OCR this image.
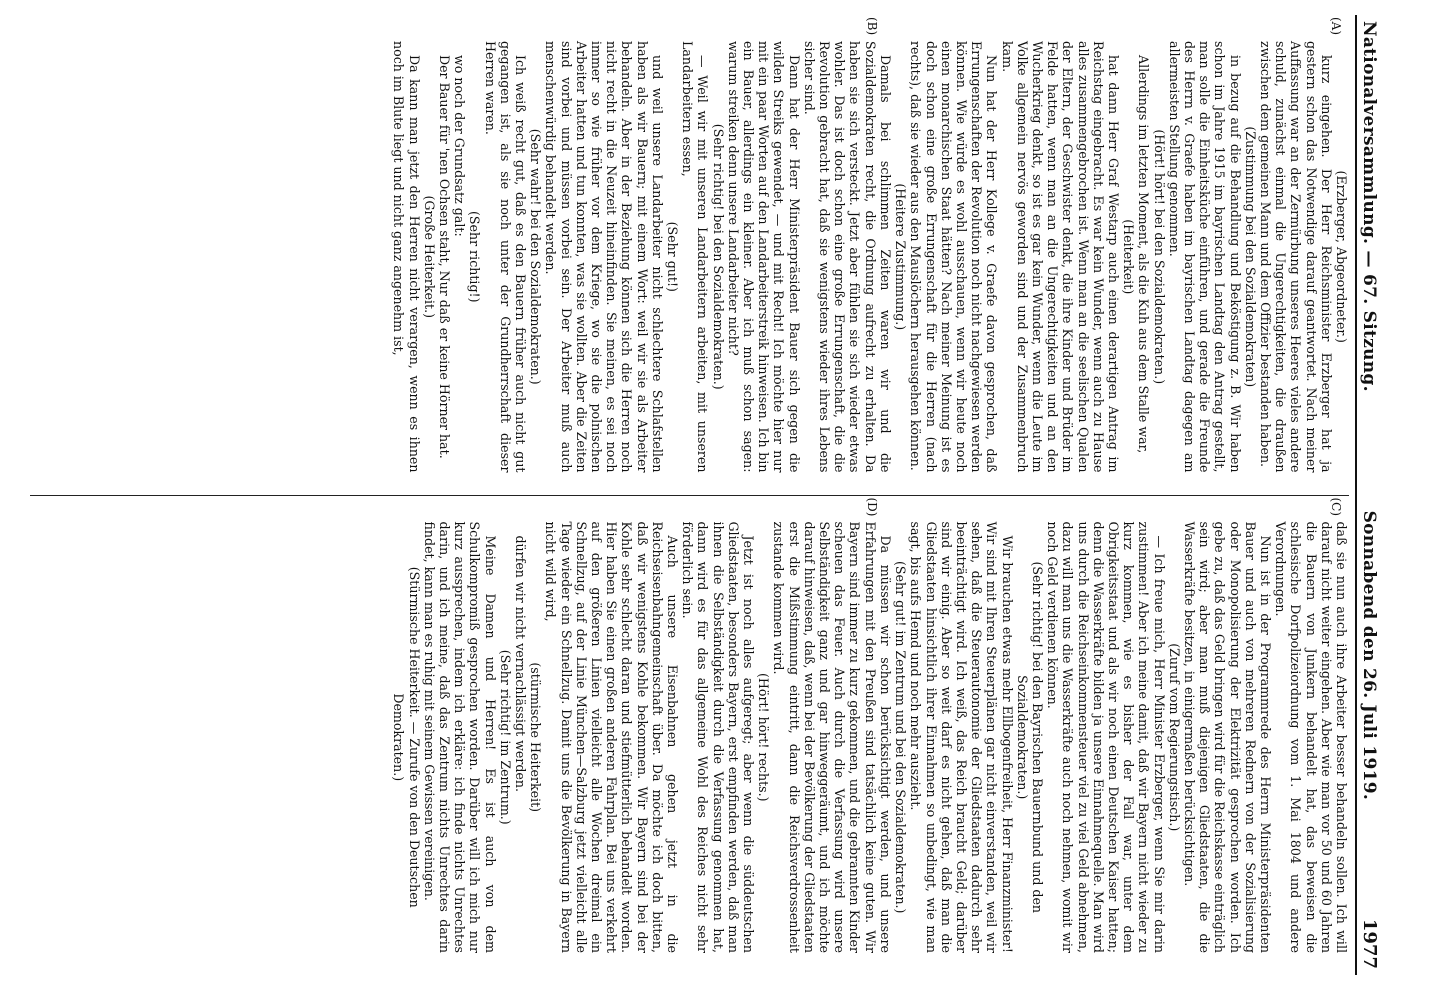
Nationalversammlung. — 67. Sitzung.
Sonnabend den 26. Juli 1919.
1977
(A)
(B)

(Erzberger, Abgeordneter.)

kurz eingehen. Der Herr Reichsminister Erzberger hat ja gestern schon das Notwendige darauf geantwortet. Nach meiner Auffassung war an der Zermürbung unseres Heeres vieles andere schuld, zunächst einmal die Ungerechtigkeiten, die draußen zwischen dem gemeinen Mann und dem Offizier bestanden haben.

(Zustimmung bei den Sozialdemokraten)

in bezug auf die Behandlung und Beköstigung z. B. Wir haben schon im Jahre 1915 im bayrischen Landtag den Antrag gestellt, man solle die Einheitsküche einführen, und gerade die Freunde des Herrn v. Graefe haben im bayrischen Landtag dagegen am allermeisten Stellung genommen.

(Hört! hört! bei den Sozialdemokraten.)

Allerdings im letzten Moment, als die Kuh aus dem Stalle war,

(Heiterkeit)

hat dann Herr Graf Westarp auch einen derartigen Antrag im Reichstag eingebracht. Es war kein Wunder, wenn auch zu Hause alles zusammengebrochen ist. Wenn man an die seelischen Qualen der Eltern, der Geschwister denkt, die ihre Kinder und Brüder im Felde hatten, wenn man an die Ungerechtigkeiten und an den Wucherkrieg denkt, so ist es gar kein Wunder, wenn die Leute im Volke allgemein nervös geworden sind und der Zusammenbruch kam.

Nun hat der Herr Kollege v. Graefe davon gesprochen, daß Errungenschaften der Revolution noch nicht nachgewiesen werden können. Wie würde es wohl ausschauen, wenn wir heute noch einen monarchischen Staat hätten? Nach meiner Meinung ist es doch schon eine große Errungenschaft für die Herren (nach rechts), daß sie wieder aus den Mauslöchern herausgehen können.

(Heitere Zustimmung.)

Damals bei schlimmen Zeiten waren wir und die Sozialdemokraten recht, die Ordnung aufrecht zu erhalten. Da haben sie sich versteckt. Jetzt aber fühlen sie sich wieder etwas wohler. Das ist doch schon eine große Errungenschaft, die die Revolution gebracht hat, daß sie wenigstens wieder ihres Lebens sicher sind.

Dann hat der Herr Ministerpräsident Bauer sich gegen die wilden Streiks gewendet, — und mit Recht! Ich möchte hier nur mit ein paar Worten auf den Landarbeiterstreik hinweisen. Ich bin ein Bauer, allerdings ein kleiner. Aber ich muß schon sagen: warum streiken denn unsere Landarbeiter nicht?

(Sehr richtig! bei den Sozialdemokraten.)

— Weil wir mit unseren Landarbeitern arbeiten, mit unseren Landarbeitern essen,

(Sehr gut!)

und weil unsere Landarbeiter nicht schlechtere Schlafstellen haben als wir Bauern; mit einem Wort: weil wir sie als Arbeiter behandeln. Aber in der Beziehung können sich die Herren noch nicht recht in die Neuzeit hineinfinden. Sie meinen, es sei noch immer so wie früher vor dem Kriege, wo sie die polnischen Arbeiter hatten und tun konnten, was sie wollten. Aber die Zeiten sind vorbei und müssen vorbei sein. Der Arbeiter muß auch menschenwürdig behandelt werden.

(Sehr wahr! bei den Sozialdemokraten.)

Ich weiß recht gut, daß es den Bauern früher auch nicht gut gegangen ist, als sie noch unter der Grundherrschaft dieser Herren waren.

(Sehr richtig!)

wo noch der Grundsatz galt:

Der Bauer für 'nen Ochsen staht, Nur daß er keine Hörner hat.

(Große Heiterkeit.)

Da kann man jetzt den Herren nicht verargen, wenn es ihnen noch im Blute liegt und nicht ganz angenehm ist,

(C)
(D)

daß sie nun auch ihre Arbeiter besser behandeln sollen. Ich will darauf nicht weiter eingehen. Aber wie man vor 50 und 60 Jahren die Bauern von Junkern behandelt hat, das beweisen die schlesische Dorfpolizeiordnung vom 1. Mai 1804 und andere Verordnungen.

Nun ist in der Programmrede des Herrn Ministerpräsidenten Bauer und auch von mehreren Rednern von der Sozialisierung oder Monopolisierung der Elektrizität gesprochen worden. Ich gebe zu, daß das Geld bringen wird für die Reichskasse einträglich sein wird; aber man muß diejenigen Gliedstaaten, die die Wasserkräfte besitzen, in einigermaßen berücksichtigen.

(Zuruf vom Regierungstisch.)

— Ich freue mich, Herr Minister Erzberger, wenn Sie mir darin zustimmen! Aber ich meine damit, daß wir Bayern nicht wieder zu kurz kommen, wie es bisher der Fall war, unter dem Obrigkeitsstaat und als wir noch einen Deutschen Kaiser hatten; denn die Wasserkräfte bilden ja unsere Einnahmequelle. Man wird uns durch die Reichseinkommensteuer viel zu viel Geld abnehmen, dazu will man uns die Wasserkräfte auch noch nehmen, womit wir noch Geld verdienen können.

(Sehr richtig! bei den Bayrischen Bauernbund und den Sozialdemokraten.)

Wir brauchen etwas mehr Ellbogenfreiheit, Herr Finanzminister! Wir sind mit Ihren Steuerplänen gar nicht einverstanden, weil wir sehen, daß die Steuerautonomie der Gliedstaaten dadurch sehr beeinträchtigt wird. Ich weiß, das Reich braucht Geld; darüber sind wir einig. Aber so weit darf es nicht gehen, daß man die Gliedstaaten hinsichtlich ihrer Einnahmen so unbedingt, wie man sagt, bis aufs Hemd und noch mehr auszieht.

(Sehr gut! im Zentrum und bei den Sozialdemokraten.)

Da müssen wir schon berücksichtigt werden, und unsere Erfahrungen mit den Preußen sind tatsächlich keine guten. Wir Bayern sind immer zu kurz gekommen, und die gebrannten Kinder scheuen das Feuer. Auch durch die Verfassung wird unsere Selbständigkeit ganz und gar hinweggeräumt, und ich möchte darauf hinweisen, daß, wenn bei der Bevölkerung der Gliedstaaten erst die Mißstimmung eintritt, dann die Reichsverdrossenheit zustande kommen wird.

(Hört! hört! rechts.)

Jetzt ist noch alles aufgeregt; aber wenn die süddeutschen Gliedstaaten, besonders Bayern, erst empfinden werden, daß man ihnen die Selbständigkeit durch die Verfassung genommen hat, dann wird es für das allgemeine Wohl des Reiches nicht sehr förderlich sein.

Auch unsere Eisenbahnen gehen jetzt in die Reichseisenbahngemeinschaft über. Da möchte ich doch bitten, daß wir wenigstens Kohle bekommen. Wir Bayern sind bei der Kohle sehr schlecht daran und stiefmütterlich behandelt worden. Hier haben Sie einen großen anderen Fahrplan. Bei uns verkehrt auf den größeren Linien vielleicht alle Wochen dreimal ein Schnellzug, auf der Linie München—Salzburg jetzt vielleicht alle Tage wieder ein Schnellzug. Damit uns die Bevölkerung in Bayern nicht wild wird,

(stürmische Heiterkeit)

dürfen wir nicht vernachlässigt werden.

(Sehr richtig! im Zentrum.)

Meine Damen und Herren! Es ist auch von dem Schulkompromiß gesprochen worden. Darüber will ich mich nur kurz aussprechen, indem ich erkläre: ich finde nichts Unrechtes darin, und ich meine, daß das Zentrum nichts Unrechtes darin findet, kann man es ruhig mit seinem Gewissen vereinigen.

(Stürmische Heiterkeit. — Zurufe von den Deutschen Demokraten.)
